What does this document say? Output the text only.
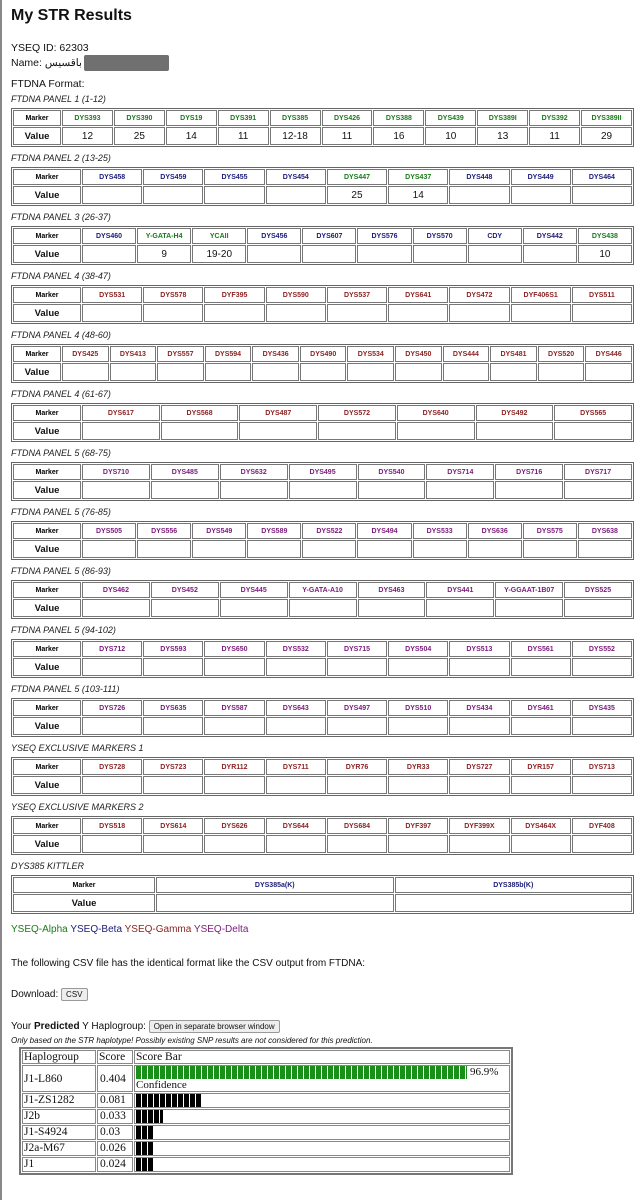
My STR Results
YSEQ ID: 62303
Name: باقسیس
FTDNA Format:
FTDNA PANEL 1 (1-12)
Marker	DYS393	DYS390	DYS19	DYS391	DYS385	DYS426	DYS388	DYS439	DYS389I	DYS392	DYS389II
Value	12	25	14	11	12-18	11	16	10	13	11	29
FTDNA PANEL 2 (13-25)
Marker	DYS458	DYS459	DYS455	DYS454	DYS447	DYS437	DYS448	DYS449	DYS464
Value					25	14			
FTDNA PANEL 3 (26-37)
Marker	DYS460	Y-GATA-H4	YCAII	DYS456	DYS607	DYS576	DYS570	CDY	DYS442	DYS438
Value		9	19-20							10
FTDNA PANEL 4 (38-47)
Marker	DYS531	DYS578	DYF395	DYS590	DYS537	DYS641	DYS472	DYF406S1	DYS511
Value									
FTDNA PANEL 4 (48-60)
Marker	DYS425	DYS413	DYS557	DYS594	DYS436	DYS490	DYS534	DYS450	DYS444	DYS481	DYS520	DYS446
Value												
FTDNA PANEL 4 (61-67)
Marker	DYS617	DYS568	DYS487	DYS572	DYS640	DYS492	DYS565
Value							
FTDNA PANEL 5 (68-75)
Marker	DYS710	DYS485	DYS632	DYS495	DYS540	DYS714	DYS716	DYS717
Value								
FTDNA PANEL 5 (76-85)
Marker	DYS505	DYS556	DYS549	DYS589	DYS522	DYS494	DYS533	DYS636	DYS575	DYS638
Value										
FTDNA PANEL 5 (86-93)
Marker	DYS462	DYS452	DYS445	Y-GATA-A10	DYS463	DYS441	Y-GGAAT-1B07	DYS525
Value								
FTDNA PANEL 5 (94-102)
Marker	DYS712	DYS593	DYS650	DYS532	DYS715	DYS504	DYS513	DYS561	DYS552
Value									
FTDNA PANEL 5 (103-111)
Marker	DYS726	DYS635	DYS587	DYS643	DYS497	DYS510	DYS434	DYS461	DYS435
Value									
YSEQ EXCLUSIVE MARKERS 1
Marker	DYS728	DYS723	DYR112	DYS711	DYR76	DYR33	DYS727	DYR157	DYS713
Value									
YSEQ EXCLUSIVE MARKERS 2
Marker	DYS518	DYS614	DYS626	DYS644	DYS684	DYF397	DYF399X	DYS464X	DYF408
Value									
DYS385 KITTLER
Marker	DYS385a(K)	DYS385b(K)
Value		
YSEQ-Alpha YSEQ-Beta YSEQ-Gamma YSEQ-Delta
The following CSV file has the identical format like the CSV output from FTDNA:
Download: CSV
Your Predicted Y Haplogroup: Open in separate browser window
Only based on the STR haplotype! Possibly existing SNP results are not considered for this prediction.
Haplogroup	Score	Score Bar
J1-L860	0.404	96.9%
Confidence

J1-ZS1282	0.081	
J2b	0.033	
J1-S4924	0.03	
J2a-M67	0.026	
J1	0.024	
